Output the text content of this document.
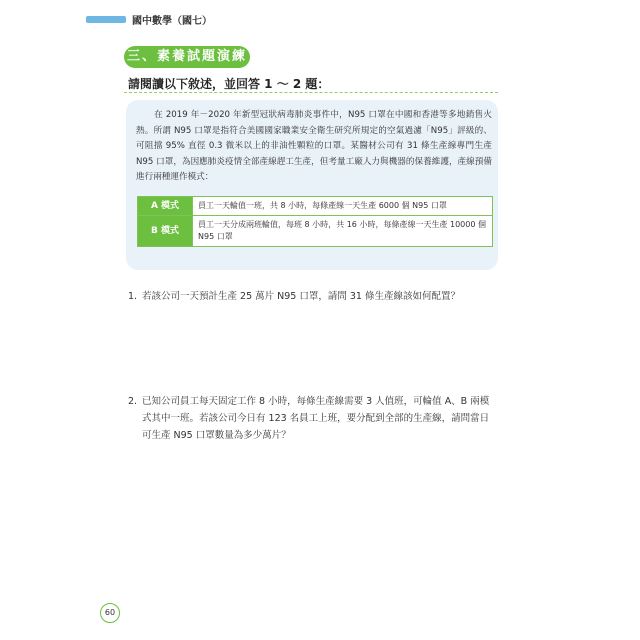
國中數學（國七）
三、素養試題演練
請閱讀以下敘述，並回答 1 ～ 2 題：

在 2019 年－2020 年新型冠狀病毒肺炎事件中，N95 口罩在中國和香港等多地銷售火熱。所謂 N95 口罩是指符合美國國家職業安全衛生研究所規定的空氣過濾「N95」評級的、可阻擋 95% 直徑 0.3 微米以上的非油性顆粒的口罩。某醫材公司有 31 條生產線專門生產 N95 口罩，為因應肺炎疫情全部產線趕工生產，但考量工廠人力與機器的保養維護，產線預備進行兩種運作模式：

A 模式	員工一天輪值一班，共 8 小時，每條產線一天生產 6000 個 N95 口罩
B 模式	員工一天分成兩班輪值，每班 8 小時，共 16 小時，每條產線一天生產 10000 個 N95 口罩
1. 若該公司一天預計生產 25 萬片 N95 口罩，請問 31 條生產線該如何配置？
2. 已知公司員工每天固定工作 8 小時，每條生產線需要 3 人值班，可輪值 A、B 兩模式其中一班。若該公司今日有 123 名員工上班，要分配到全部的生產線，請問當日可生產 N95 口罩數量為多少萬片？
60
